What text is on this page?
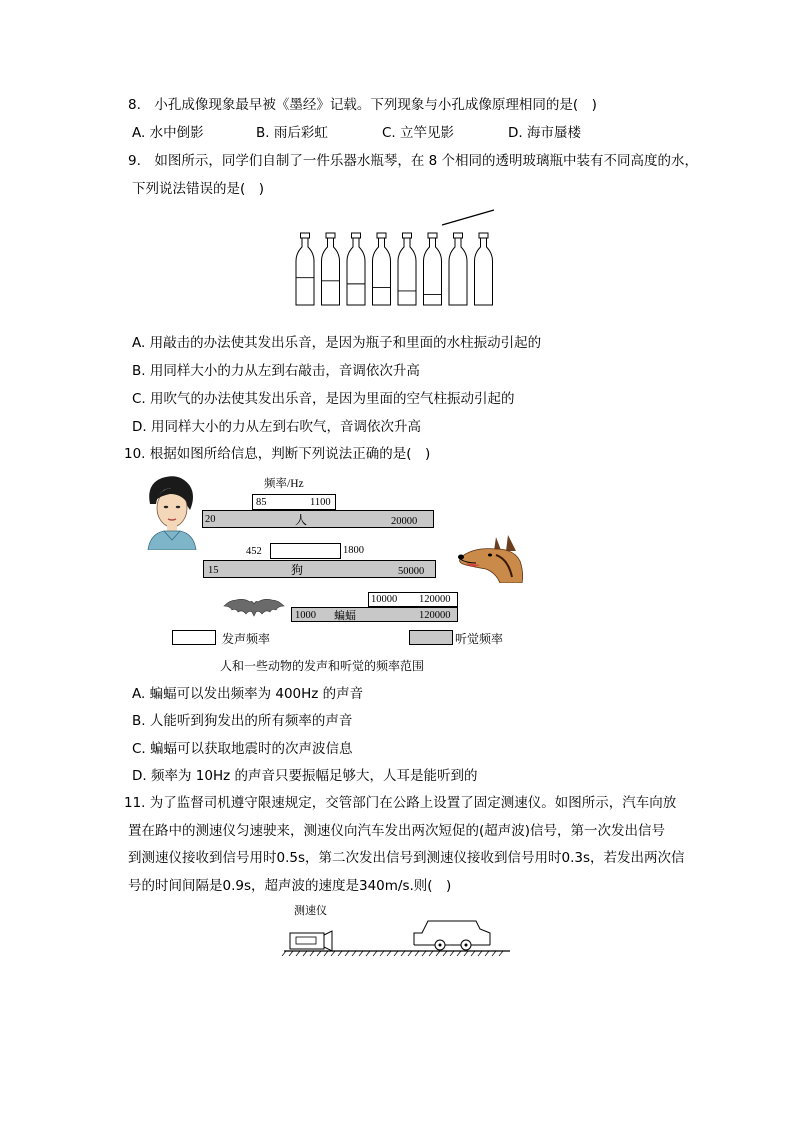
8.　小孔成像现象最早被《墨经》记载。下列现象与小孔成像原理相同的是(　)
A. 水中倒影	B. 雨后彩虹	C. 立竿见影	D. 海市蜃楼
9.　如图所示，同学们自制了一件乐器水瓶琴，在 8 个相同的透明玻璃瓶中装有不同高度的水，
下列说法错误的是(　)
A. 用敲击的办法使其发出乐音，是因为瓶子和里面的水柱振动引起的
B. 用同样大小的力从左到右敲击，音调依次升高
C. 用吹气的办法使其发出乐音，是因为里面的空气柱振动引起的
D. 用同样大小的力从左到右吹气，音调依次升高
10. 根据如图所给信息，判断下列说法正确的是(　)
频率/Hz
85	1100
20	人	20000
452	1800
15	狗	50000
10000 120000
1000 蝙蝠	120000
发声频率	听觉频率
人和一些动物的发声和听觉的频率范围
A. 蝙蝠可以发出频率为 400Hz 的声音
B. 人能听到狗发出的所有频率的声音
C. 蝙蝠可以获取地震时的次声波信息
D. 频率为 10Hz 的声音只要振幅足够大，人耳是能听到的
11. 为了监督司机遵守限速规定，交管部门在公路上设置了固定测速仪。如图所示，汽车向放
置在路中的测速仪匀速驶来，测速仪向汽车发出两次短促的(超声波)信号，第一次发出信号
到测速仪接收到信号用时0.5s，第二次发出信号到测速仪接收到信号用时0.3s，若发出两次信
号的时间间隔是0.9s，超声波的速度是340m/s.则(　)
测速仪
